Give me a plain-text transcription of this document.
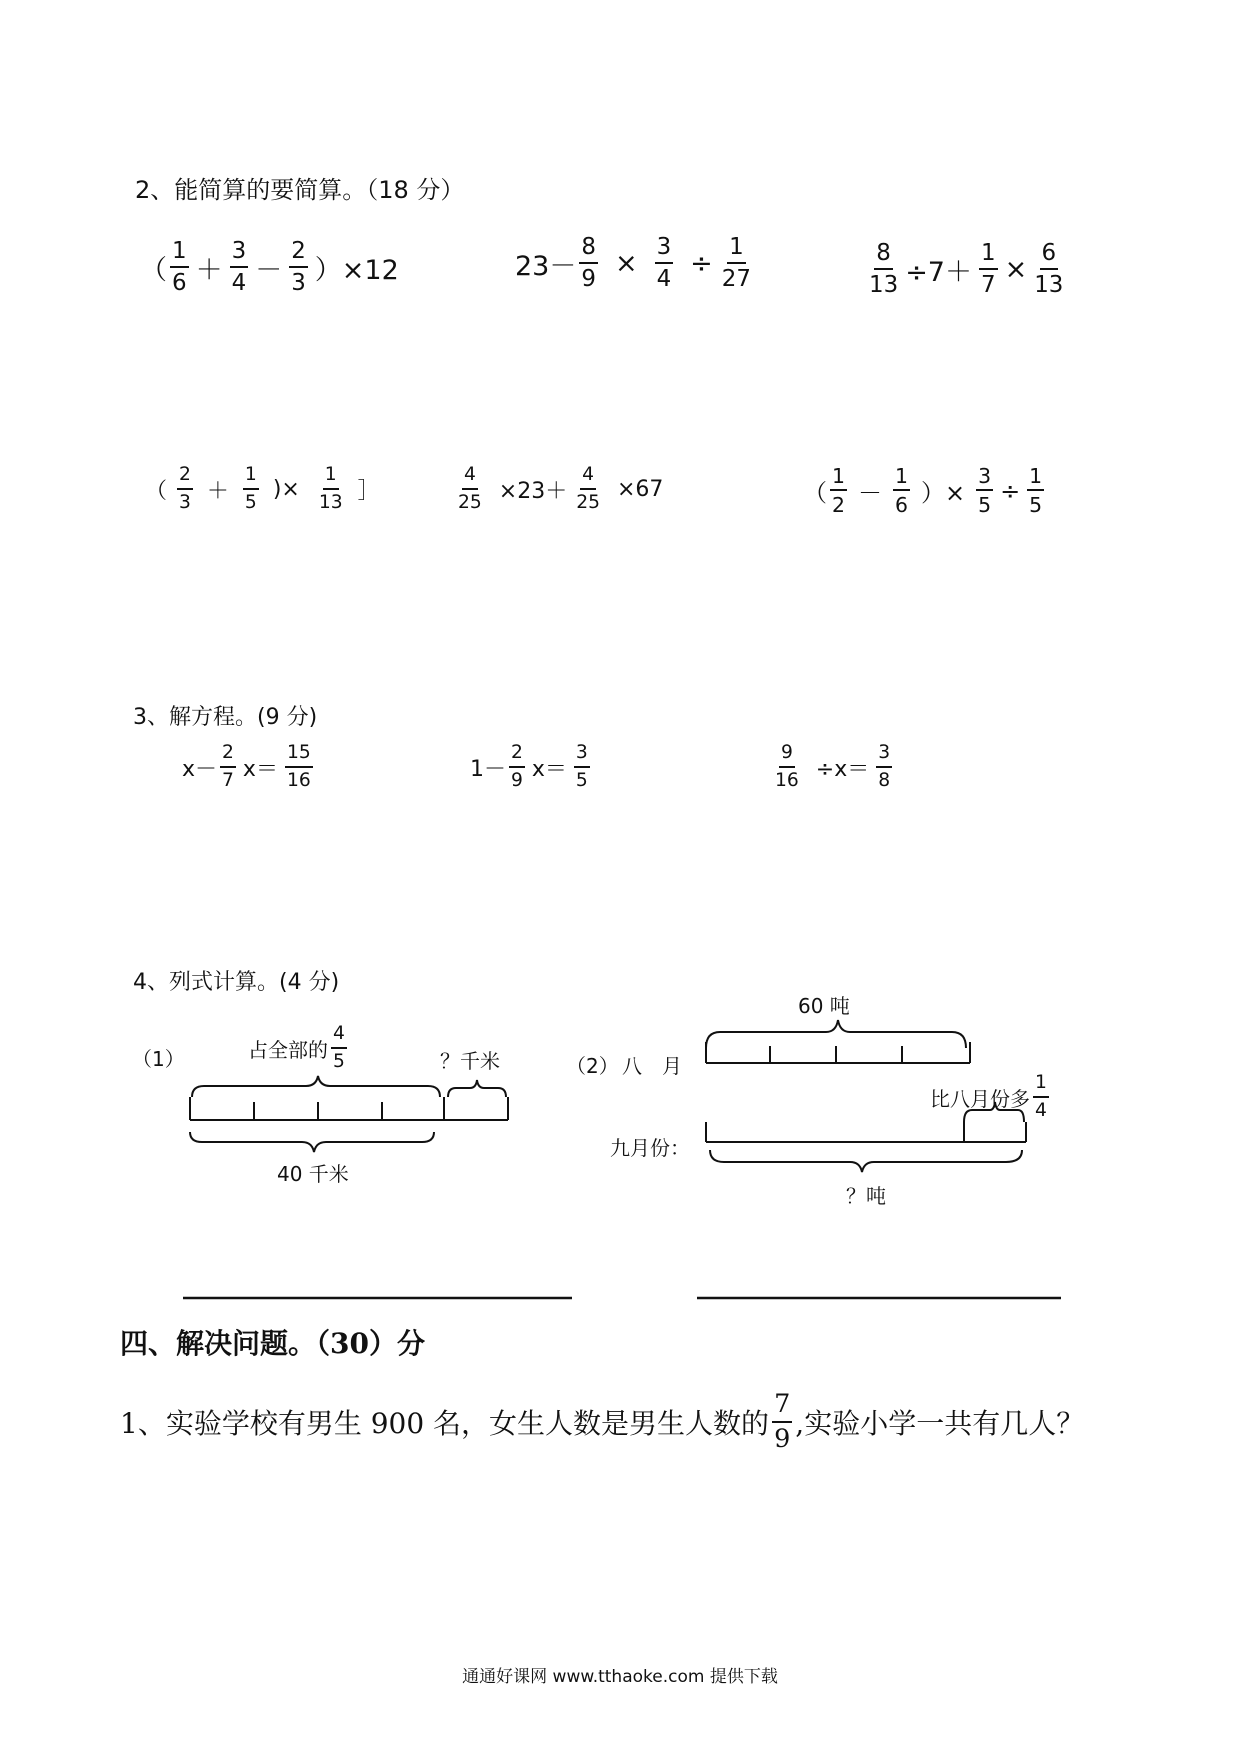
2、能简算的要简算。（18 分）
（ $\frac{1}{6} + \frac{3}{4} - \frac{2}{3} )\times 12$	$23- \frac{8}{9} \times \frac{3}{4} \div \frac{1}{27}$	$\frac{8}{13} \div 7+ \frac{1}{7} \times \frac{6}{13}$
（ $\frac{2}{3} + \frac{1}{5}$ )× $\frac{1}{13}$ ］	$\frac{4}{25} \times 23+ \frac{4}{25} \times 67$	（ $\frac{1}{2} - \frac{1}{6}$ ）× $\frac{3}{5} \div \frac{1}{5}$
3、解方程。(9 分)
$x- \frac{2}{7} x= \frac{15}{16}$	$1- \frac{2}{9} x= \frac{3}{5}$	$\frac{9}{16} \div x= \frac{3}{8}$
4、列式计算。(4 分)
（1）	占全部的 $\frac{4}{5}$	？千米
40 千米
（2） 八　月
60 吨
比八月份多 $\frac{1}{4}$
九月份：
？吨
四、解决问题。（30）分
1、实验学校有男生 900 名，女生人数是男生人数的 $\frac{7}{9}$ ,实验小学一共有几人？
通通好课网 www.tthaoke.com 提供下载
